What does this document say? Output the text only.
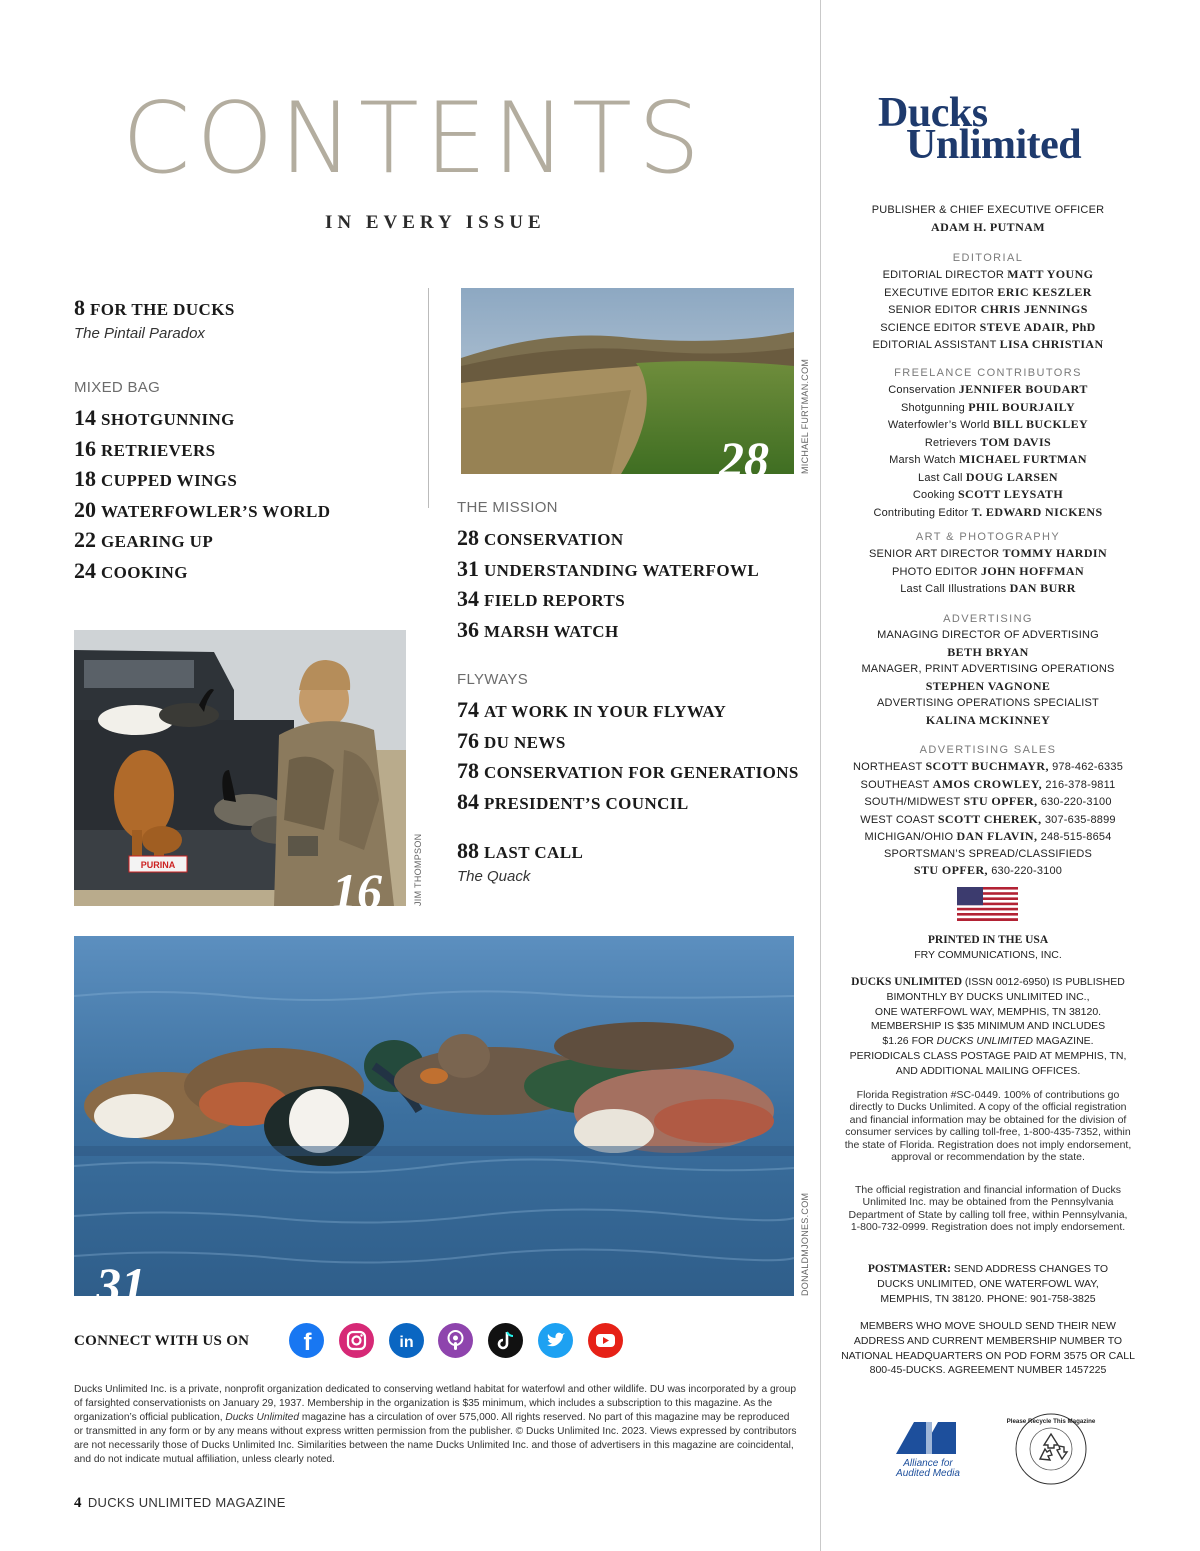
CONTENTS
IN EVERY ISSUE
8 FOR THE DUCKS
The Pintail Paradox
MIXED BAG
14 SHOTGUNNING
16 RETRIEVERS
18 CUPPED WINGS
20 WATERFOWLER’S WORLD
22 GEARING UP
24 COOKING
THE MISSION
28 CONSERVATION
31 UNDERSTANDING WATERFOWL
34 FIELD REPORTS
36 MARSH WATCH
FLYWAYS
74 AT WORK IN YOUR FLYWAY
76 DU NEWS
78 CONSERVATION FOR GENERATIONS
84 PRESIDENT’S COUNCIL
88 LAST CALL
The Quack
28	MICHAEL FURTMAN.COM
PURINA	16	JIM THOMPSON
31	DONALDMJONES.COM
CONNECT WITH US ON f	in
Ducks Unlimited Inc. is a private, nonprofit organization dedicated to conserving wetland habitat for waterfowl and other wildlife. DU was incorporated by a group of farsighted conservationists on January 29, 1937. Membership in the organization is $35 minimum, which includes a subscription to this magazine. As the organization’s official publication, Ducks Unlimited magazine has a circulation of over 575,000. All rights reserved. No part of this magazine may be reproduced or transmitted in any form or by any means without express written permission from the publisher. © Ducks Unlimited Inc. 2023. Views expressed by contributors are not necessarily those of Ducks Unlimited Inc. Similarities between the name Ducks Unlimited Inc. and those of advertisers in this magazine are coincidental, and do not indicate mutual affiliation, unless clearly noted.
4 DUCKS UNLIMITED MAGAZINE
Ducks
Unlimited
PUBLISHER & CHIEF EXECUTIVE OFFICER
ADAM H. PUTNAM
EDITORIAL
EDITORIAL DIRECTOR MATT YOUNG
EXECUTIVE EDITOR ERIC KESZLER
SENIOR EDITOR CHRIS JENNINGS
SCIENCE EDITOR STEVE ADAIR, PhD
EDITORIAL ASSISTANT LISA CHRISTIAN
FREELANCE CONTRIBUTORS
Conservation JENNIFER BOUDART
Shotgunning PHIL BOURJAILY
Waterfowler’s World BILL BUCKLEY
Retrievers TOM DAVIS
Marsh Watch MICHAEL FURTMAN
Last Call DOUG LARSEN
Cooking SCOTT LEYSATH
Contributing Editor T. EDWARD NICKENS
ART & PHOTOGRAPHY
SENIOR ART DIRECTOR TOMMY HARDIN
PHOTO EDITOR JOHN HOFFMAN
Last Call Illustrations DAN BURR
ADVERTISING
MANAGING DIRECTOR OF ADVERTISING
BETH BRYAN
MANAGER, PRINT ADVERTISING OPERATIONS
STEPHEN VAGNONE
ADVERTISING OPERATIONS SPECIALIST
KALINA MCKINNEY
ADVERTISING SALES
NORTHEAST SCOTT BUCHMAYR, 978-462-6335
SOUTHEAST AMOS CROWLEY, 216-378-9811
SOUTH/MIDWEST STU OPFER, 630-220-3100
WEST COAST SCOTT CHEREK, 307-635-8899
MICHIGAN/OHIO DAN FLAVIN, 248-515-8654
SPORTSMAN’S SPREAD/CLASSIFIEDS
STU OPFER, 630-220-3100
PRINTED IN THE USA
FRY COMMUNICATIONS, INC.
DUCKS UNLIMITED (ISSN 0012-6950) IS PUBLISHED
BIMONTHLY BY DUCKS UNLIMITED INC.,
ONE WATERFOWL WAY, MEMPHIS, TN 38120.
MEMBERSHIP IS $35 MINIMUM AND INCLUDES
$1.26 FOR DUCKS UNLIMITED MAGAZINE.
PERIODICALS CLASS POSTAGE PAID AT MEMPHIS, TN,
AND ADDITIONAL MAILING OFFICES.
Florida Registration #SC-0449. 100% of contributions go directly to Ducks Unlimited. A copy of the official registration and financial information may be obtained for the division of consumer services by calling toll-free, 1-800-435-7352, within the state of Florida. Registration does not imply endorsement, approval or recommendation by the state.
The official registration and financial information of Ducks Unlimited Inc. may be obtained from the Pennsylvania Department of State by calling toll free, within Pennsylvania, 1-800-732-0999. Registration does not imply endorsement.
POSTMASTER: SEND ADDRESS CHANGES TO DUCKS UNLIMITED, ONE WATERFOWL WAY, MEMPHIS, TN 38120. PHONE: 901-758-3825
MEMBERS WHO MOVE SHOULD SEND THEIR NEW ADDRESS AND CURRENT MEMBERSHIP NUMBER TO NATIONAL HEADQUARTERS ON POD FORM 3575 OR CALL 800-45-DUCKS. AGREEMENT NUMBER 1457225
Alliance for
Audited Media
Please Recycle This Magazine
